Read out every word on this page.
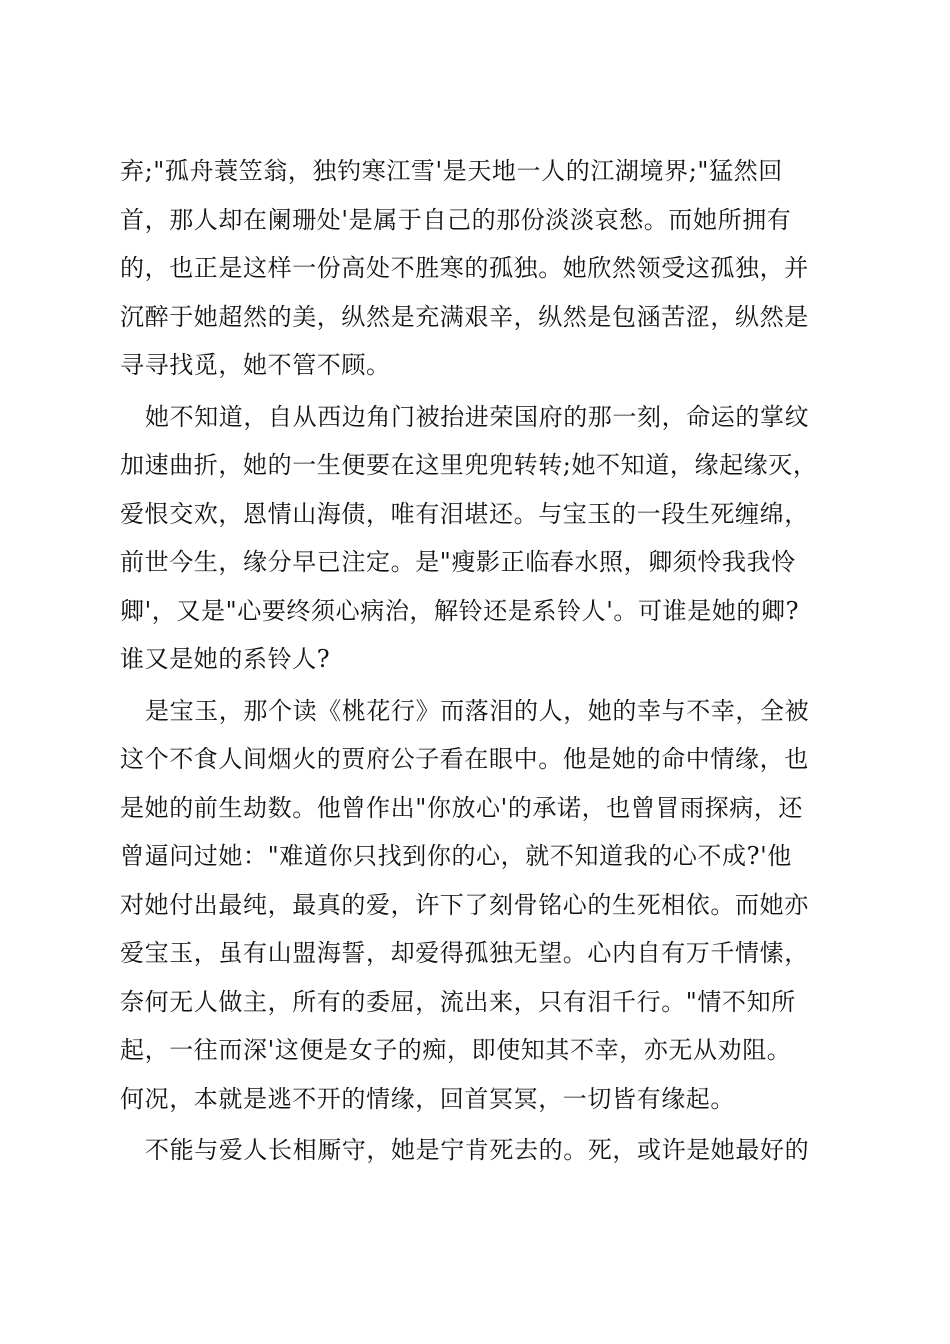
弃;"孤舟蓑笠翁，独钓寒江雪'是天地一人的江湖境界;"猛然回
首，那人却在阑珊处'是属于自己的那份淡淡哀愁。而她所拥有
的，也正是这样一份高处不胜寒的孤独。她欣然领受这孤独，并
沉醉于她超然的美，纵然是充满艰辛，纵然是包涵苦涩，纵然是
寻寻找觅，她不管不顾。
她不知道，自从西边角门被抬进荣国府的那一刻，命运的掌纹
加速曲折，她的一生便要在这里兜兜转转;她不知道，缘起缘灭，
爱恨交欢，恩情山海债，唯有泪堪还。与宝玉的一段生死缠绵，
前世今生，缘分早已注定。是"瘦影正临春水照，卿须怜我我怜
卿'，又是"心要终须心病治，解铃还是系铃人'。可谁是她的卿?
谁又是她的系铃人?
是宝玉，那个读《桃花行》而落泪的人，她的幸与不幸，全被
这个不食人间烟火的贾府公子看在眼中。他是她的命中情缘，也
是她的前生劫数。他曾作出"你放心'的承诺，也曾冒雨探病，还
曾逼问过她："难道你只找到你的心，就不知道我的心不成?'他
对她付出最纯，最真的爱，许下了刻骨铭心的生死相依。而她亦
爱宝玉，虽有山盟海誓，却爱得孤独无望。心内自有万千情愫，
奈何无人做主，所有的委屈，流出来，只有泪千行。"情不知所
起，一往而深'这便是女子的痴，即使知其不幸，亦无从劝阻。
何况，本就是逃不开的情缘，回首冥冥，一切皆有缘起。
不能与爱人长相厮守，她是宁肯死去的。死，或许是她最好的
